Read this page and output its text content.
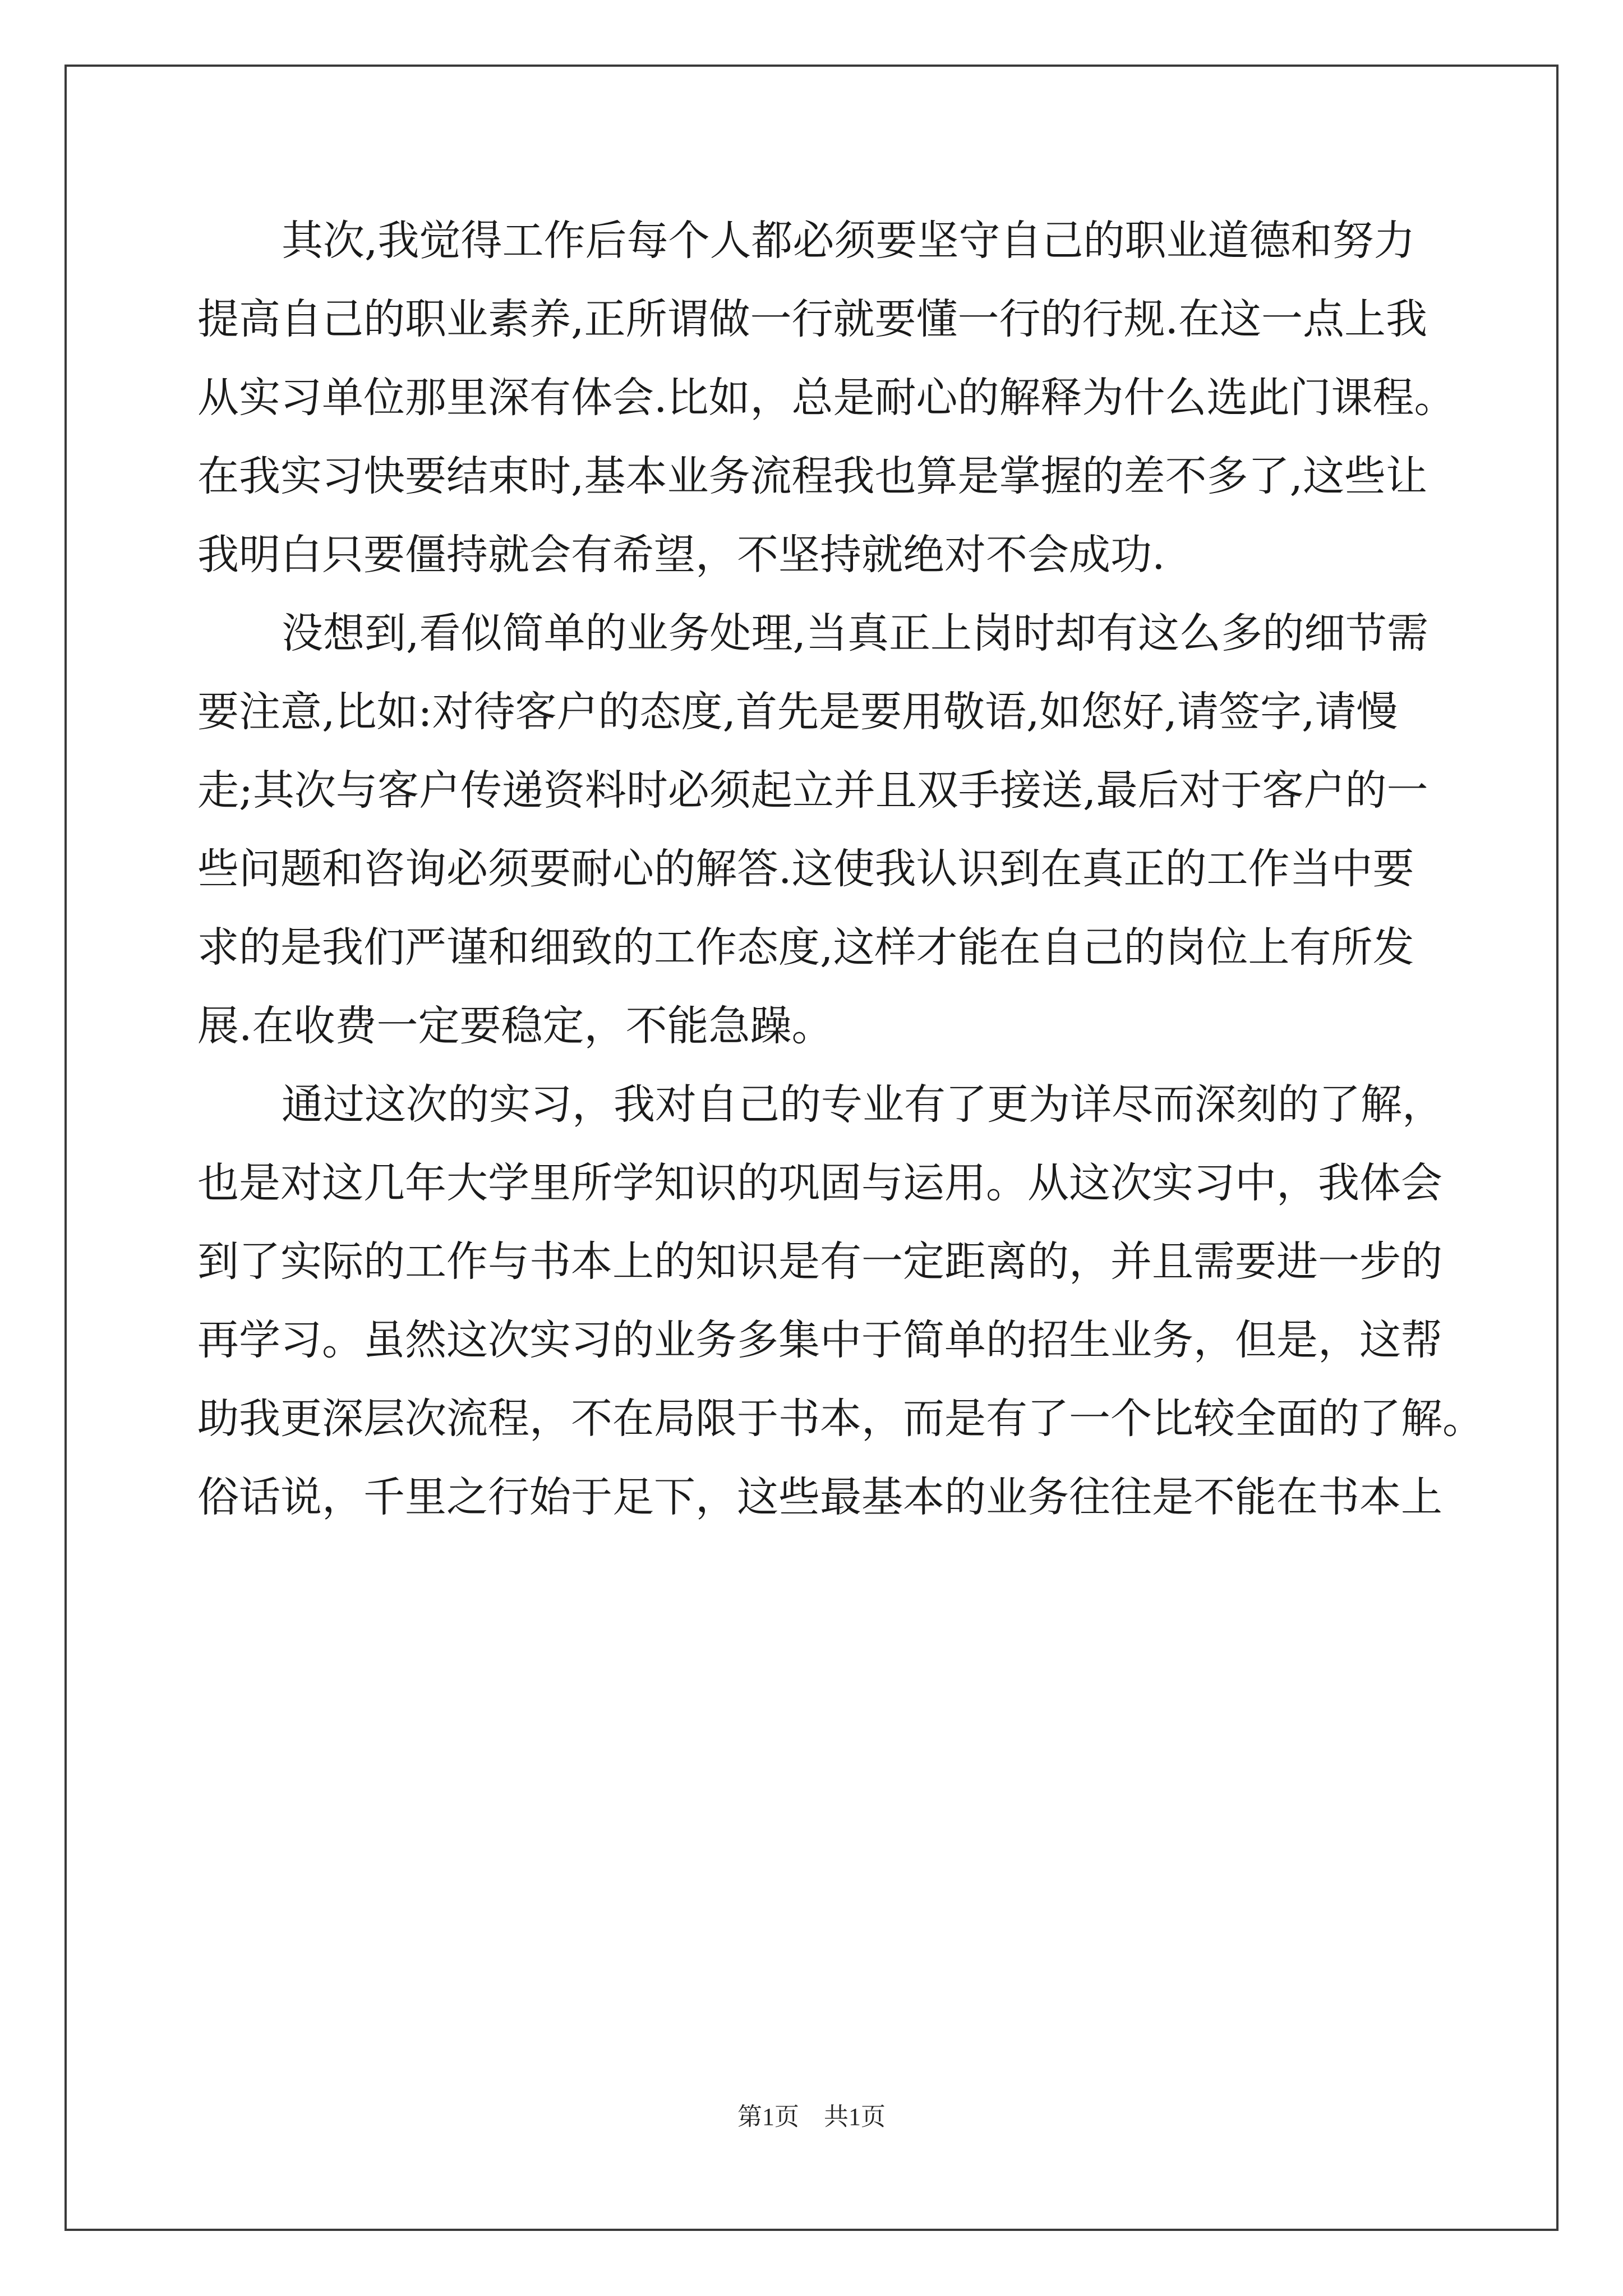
其次,我觉得工作后每个人都必须要坚守自己的职业道德和努力
提高自己的职业素养,正所谓做一行就要懂一行的行规.在这一点上我
从实习单位那里深有体会.比如，总是耐心的解释为什么选此门课程。
在我实习快要结束时,基本业务流程我也算是掌握的差不多了,这些让
我明白只要僵持就会有希望，不坚持就绝对不会成功.
没想到,看似简单的业务处理,当真正上岗时却有这么多的细节需
要注意,比如:对待客户的态度,首先是要用敬语,如您好,请签字,请慢
走;其次与客户传递资料时必须起立并且双手接送,最后对于客户的一
些问题和咨询必须要耐心的解答.这使我认识到在真正的工作当中要
求的是我们严谨和细致的工作态度,这样才能在自己的岗位上有所发
展.在收费一定要稳定，不能急躁。
通过这次的实习，我对自己的专业有了更为详尽而深刻的了解，
也是对这几年大学里所学知识的巩固与运用。从这次实习中，我体会
到了实际的工作与书本上的知识是有一定距离的，并且需要进一步的
再学习。虽然这次实习的业务多集中于简单的招生业务，但是，这帮
助我更深层次流程，不在局限于书本，而是有了一个比较全面的了解。
俗话说，千里之行始于足下，这些最基本的业务往往是不能在书本上
第1页　共1页
